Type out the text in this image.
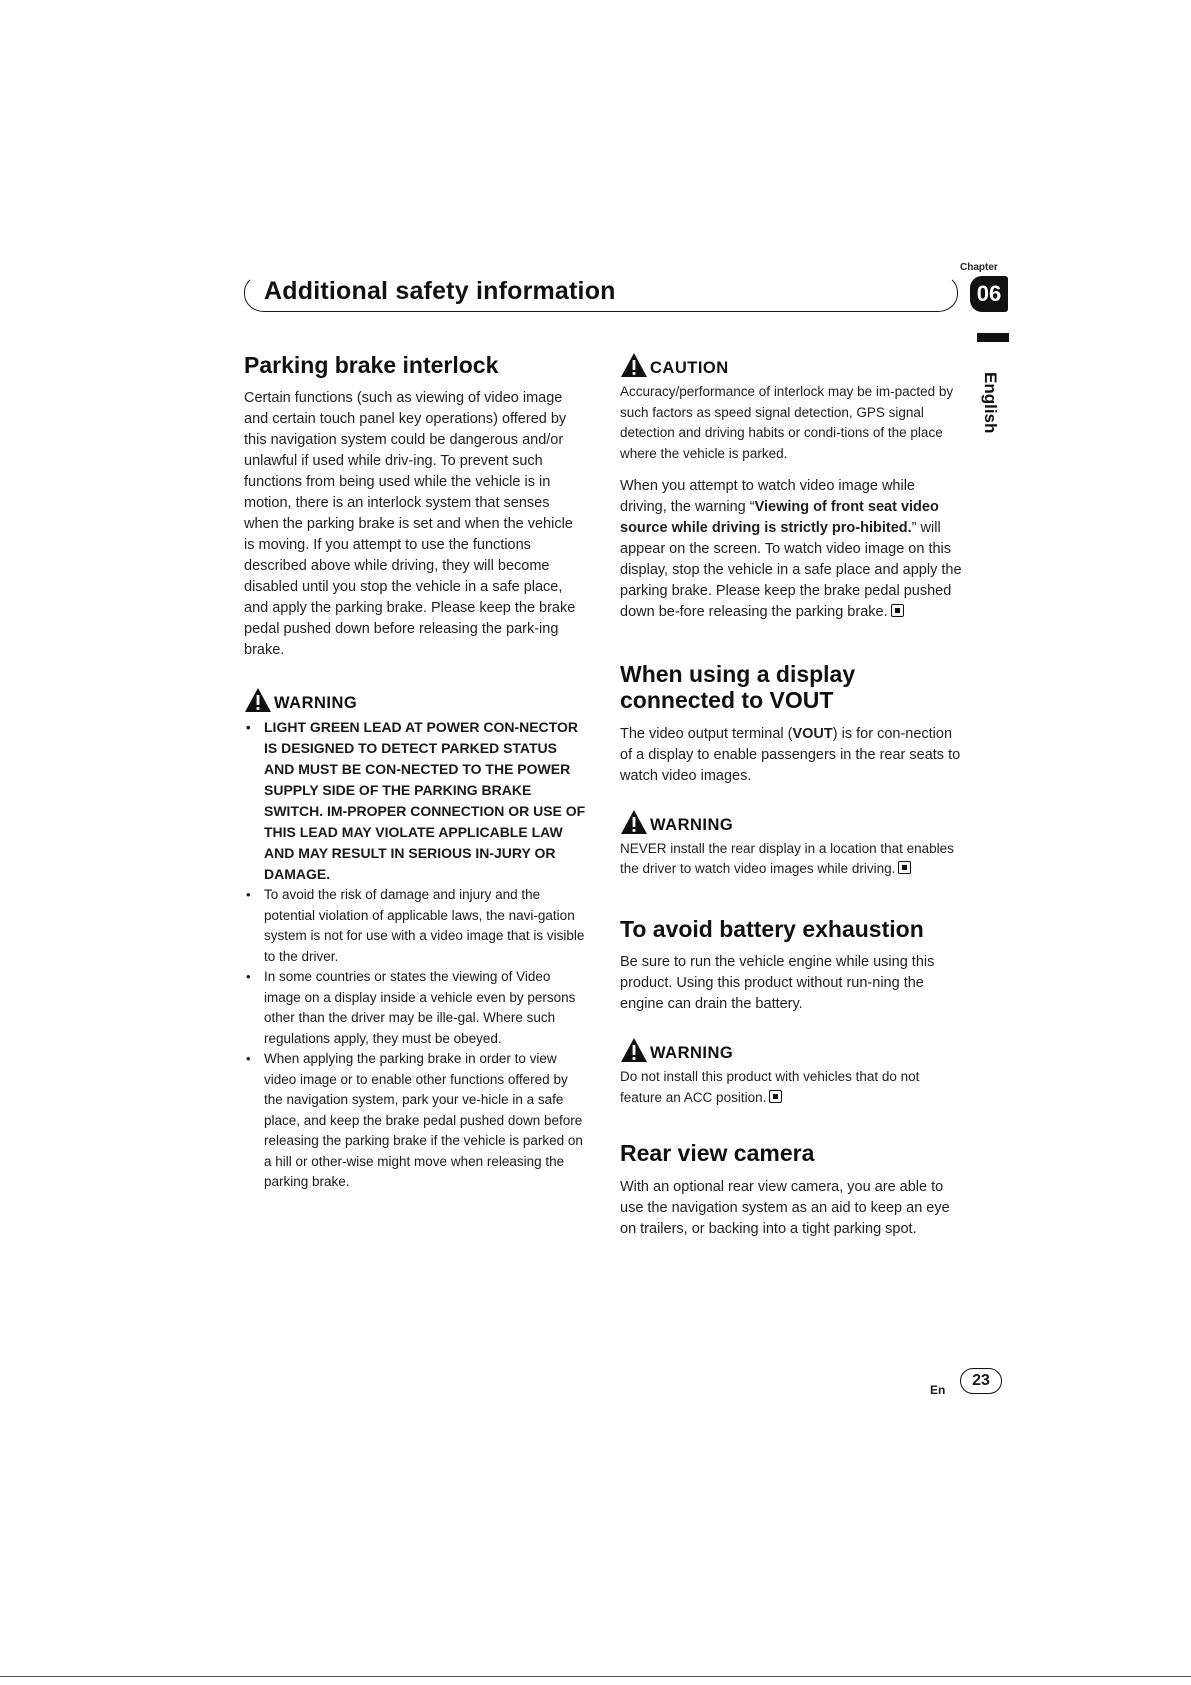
Chapter
Additional safety information	06
English
Parking brake interlock

Certain functions (such as viewing of video image and certain touch panel key operations) offered by this navigation system could be dangerous and/or unlawful if used while driv-ing. To prevent such functions from being used while the vehicle is in motion, there is an interlock system that senses when the parking brake is set and when the vehicle is moving. If you attempt to use the functions described above while driving, they will become disabled until you stop the vehicle in a safe place, and apply the parking brake. Please keep the brake pedal pushed down before releasing the park-ing brake.

WARNING
• LIGHT GREEN LEAD AT POWER CON-NECTOR IS DESIGNED TO DETECT PARKED STATUS AND MUST BE CON-NECTED TO THE POWER SUPPLY SIDE OF THE PARKING BRAKE SWITCH. IM-PROPER CONNECTION OR USE OF THIS LEAD MAY VIOLATE APPLICABLE LAW AND MAY RESULT IN SERIOUS IN-JURY OR DAMAGE.
• To avoid the risk of damage and injury and the potential violation of applicable laws, the navi-gation system is not for use with a video image that is visible to the driver.
• In some countries or states the viewing of Video image on a display inside a vehicle even by persons other than the driver may be ille-gal. Where such regulations apply, they must be obeyed.
• When applying the parking brake in order to view video image or to enable other functions offered by the navigation system, park your ve-hicle in a safe place, and keep the brake pedal pushed down before releasing the parking brake if the vehicle is parked on a hill or other-wise might move when releasing the parking brake.
CAUTION

Accuracy/performance of interlock may be im-pacted by such factors as speed signal detection, GPS signal detection and driving habits or condi-tions of the place where the vehicle is parked.

When you attempt to watch video image while driving, the warning “Viewing of front seat video source while driving is strictly pro-hibited.” will appear on the screen. To watch video image on this display, stop the vehicle in a safe place and apply the parking brake. Please keep the brake pedal pushed down be-fore releasing the parking brake.

When using a display connected to VOUT

The video output terminal (VOUT) is for con-nection of a display to enable passengers in the rear seats to watch video images.

WARNING

NEVER install the rear display in a location that enables the driver to watch video images while driving.

To avoid battery exhaustion

Be sure to run the vehicle engine while using this product. Using this product without run-ning the engine can drain the battery.

WARNING

Do not install this product with vehicles that do not feature an ACC position.

Rear view camera

With an optional rear view camera, you are able to use the navigation system as an aid to keep an eye on trailers, or backing into a tight parking spot.

En
23
